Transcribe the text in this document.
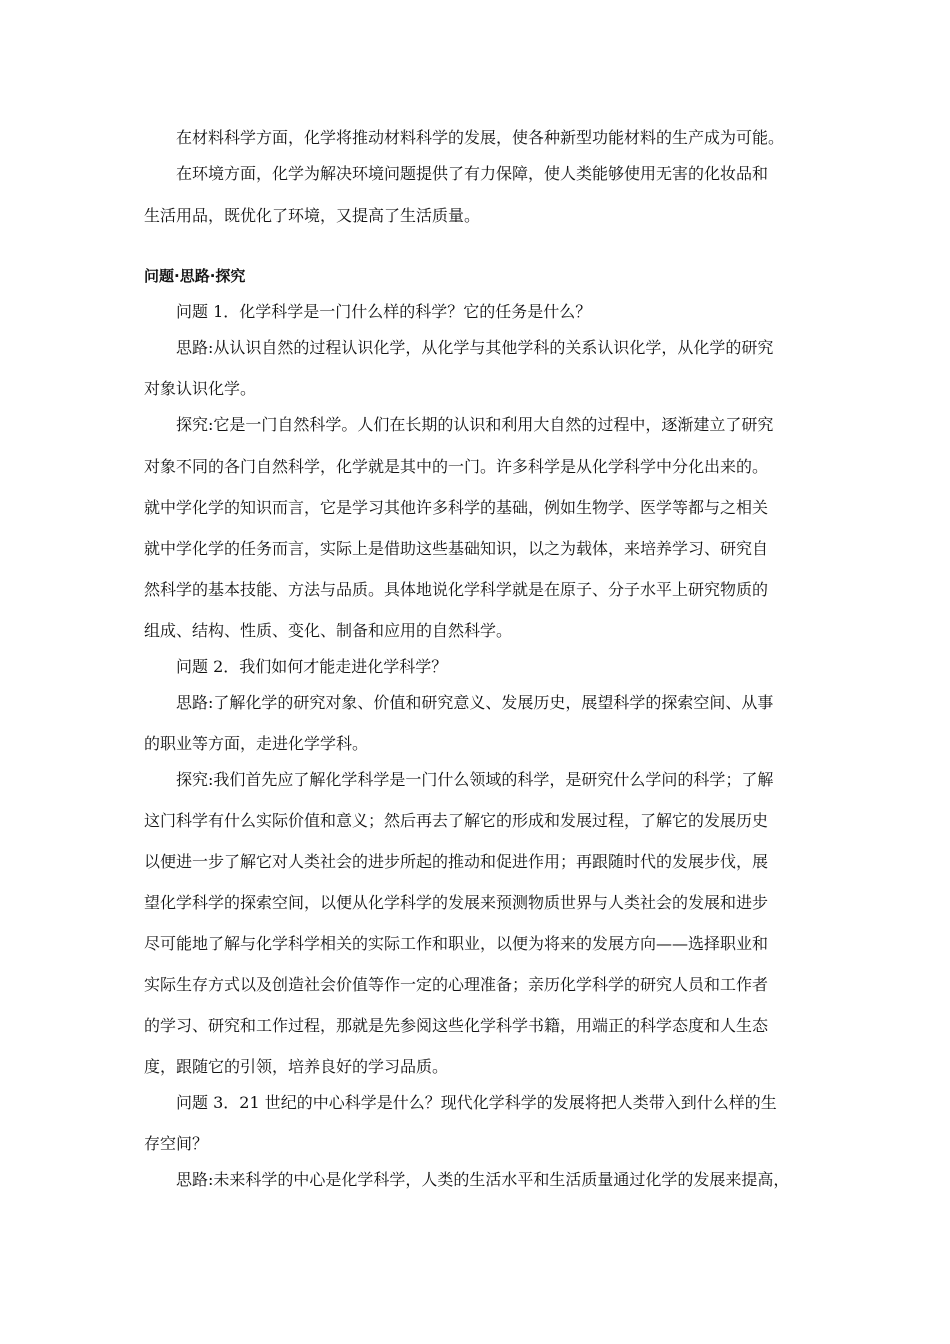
在材料科学方面，化学将推动材料科学的发展，使各种新型功能材料的生产成为可能。
在环境方面，化学为解决环境问题提供了有力保障，使人类能够使用无害的化妆品和
生活用品，既优化了环境，又提高了生活质量。
问题·思路·探究
问题 1．化学科学是一门什么样的科学？它的任务是什么？
思路:从认识自然的过程认识化学，从化学与其他学科的关系认识化学，从化学的研究
对象认识化学。
探究:它是一门自然科学。人们在长期的认识和利用大自然的过程中，逐渐建立了研究
对象不同的各门自然科学，化学就是其中的一门。许多科学是从化学科学中分化出来的。
就中学化学的知识而言，它是学习其他许多科学的基础，例如生物学、医学等都与之相关
就中学化学的任务而言，实际上是借助这些基础知识，以之为载体，来培养学习、研究自
然科学的基本技能、方法与品质。具体地说化学科学就是在原子、分子水平上研究物质的
组成、结构、性质、变化、制备和应用的自然科学。
问题 2．我们如何才能走进化学科学？
思路:了解化学的研究对象、价值和研究意义、发展历史，展望科学的探索空间、从事
的职业等方面，走进化学学科。
探究:我们首先应了解化学科学是一门什么领域的科学，是研究什么学问的科学；了解
这门科学有什么实际价值和意义；然后再去了解它的形成和发展过程，了解它的发展历史
以便进一步了解它对人类社会的进步所起的推动和促进作用；再跟随时代的发展步伐，展
望化学科学的探索空间，以便从化学科学的发展来预测物质世界与人类社会的发展和进步
尽可能地了解与化学科学相关的实际工作和职业，以便为将来的发展方向——选择职业和
实际生存方式以及创造社会价值等作一定的心理准备；亲历化学科学的研究人员和工作者
的学习、研究和工作过程，那就是先参阅这些化学科学书籍，用端正的科学态度和人生态
度，跟随它的引领，培养良好的学习品质。
问题 3．21 世纪的中心科学是什么？现代化学科学的发展将把人类带入到什么样的生
存空间？
思路:未来科学的中心是化学科学，人类的生活水平和生活质量通过化学的发展来提高，
